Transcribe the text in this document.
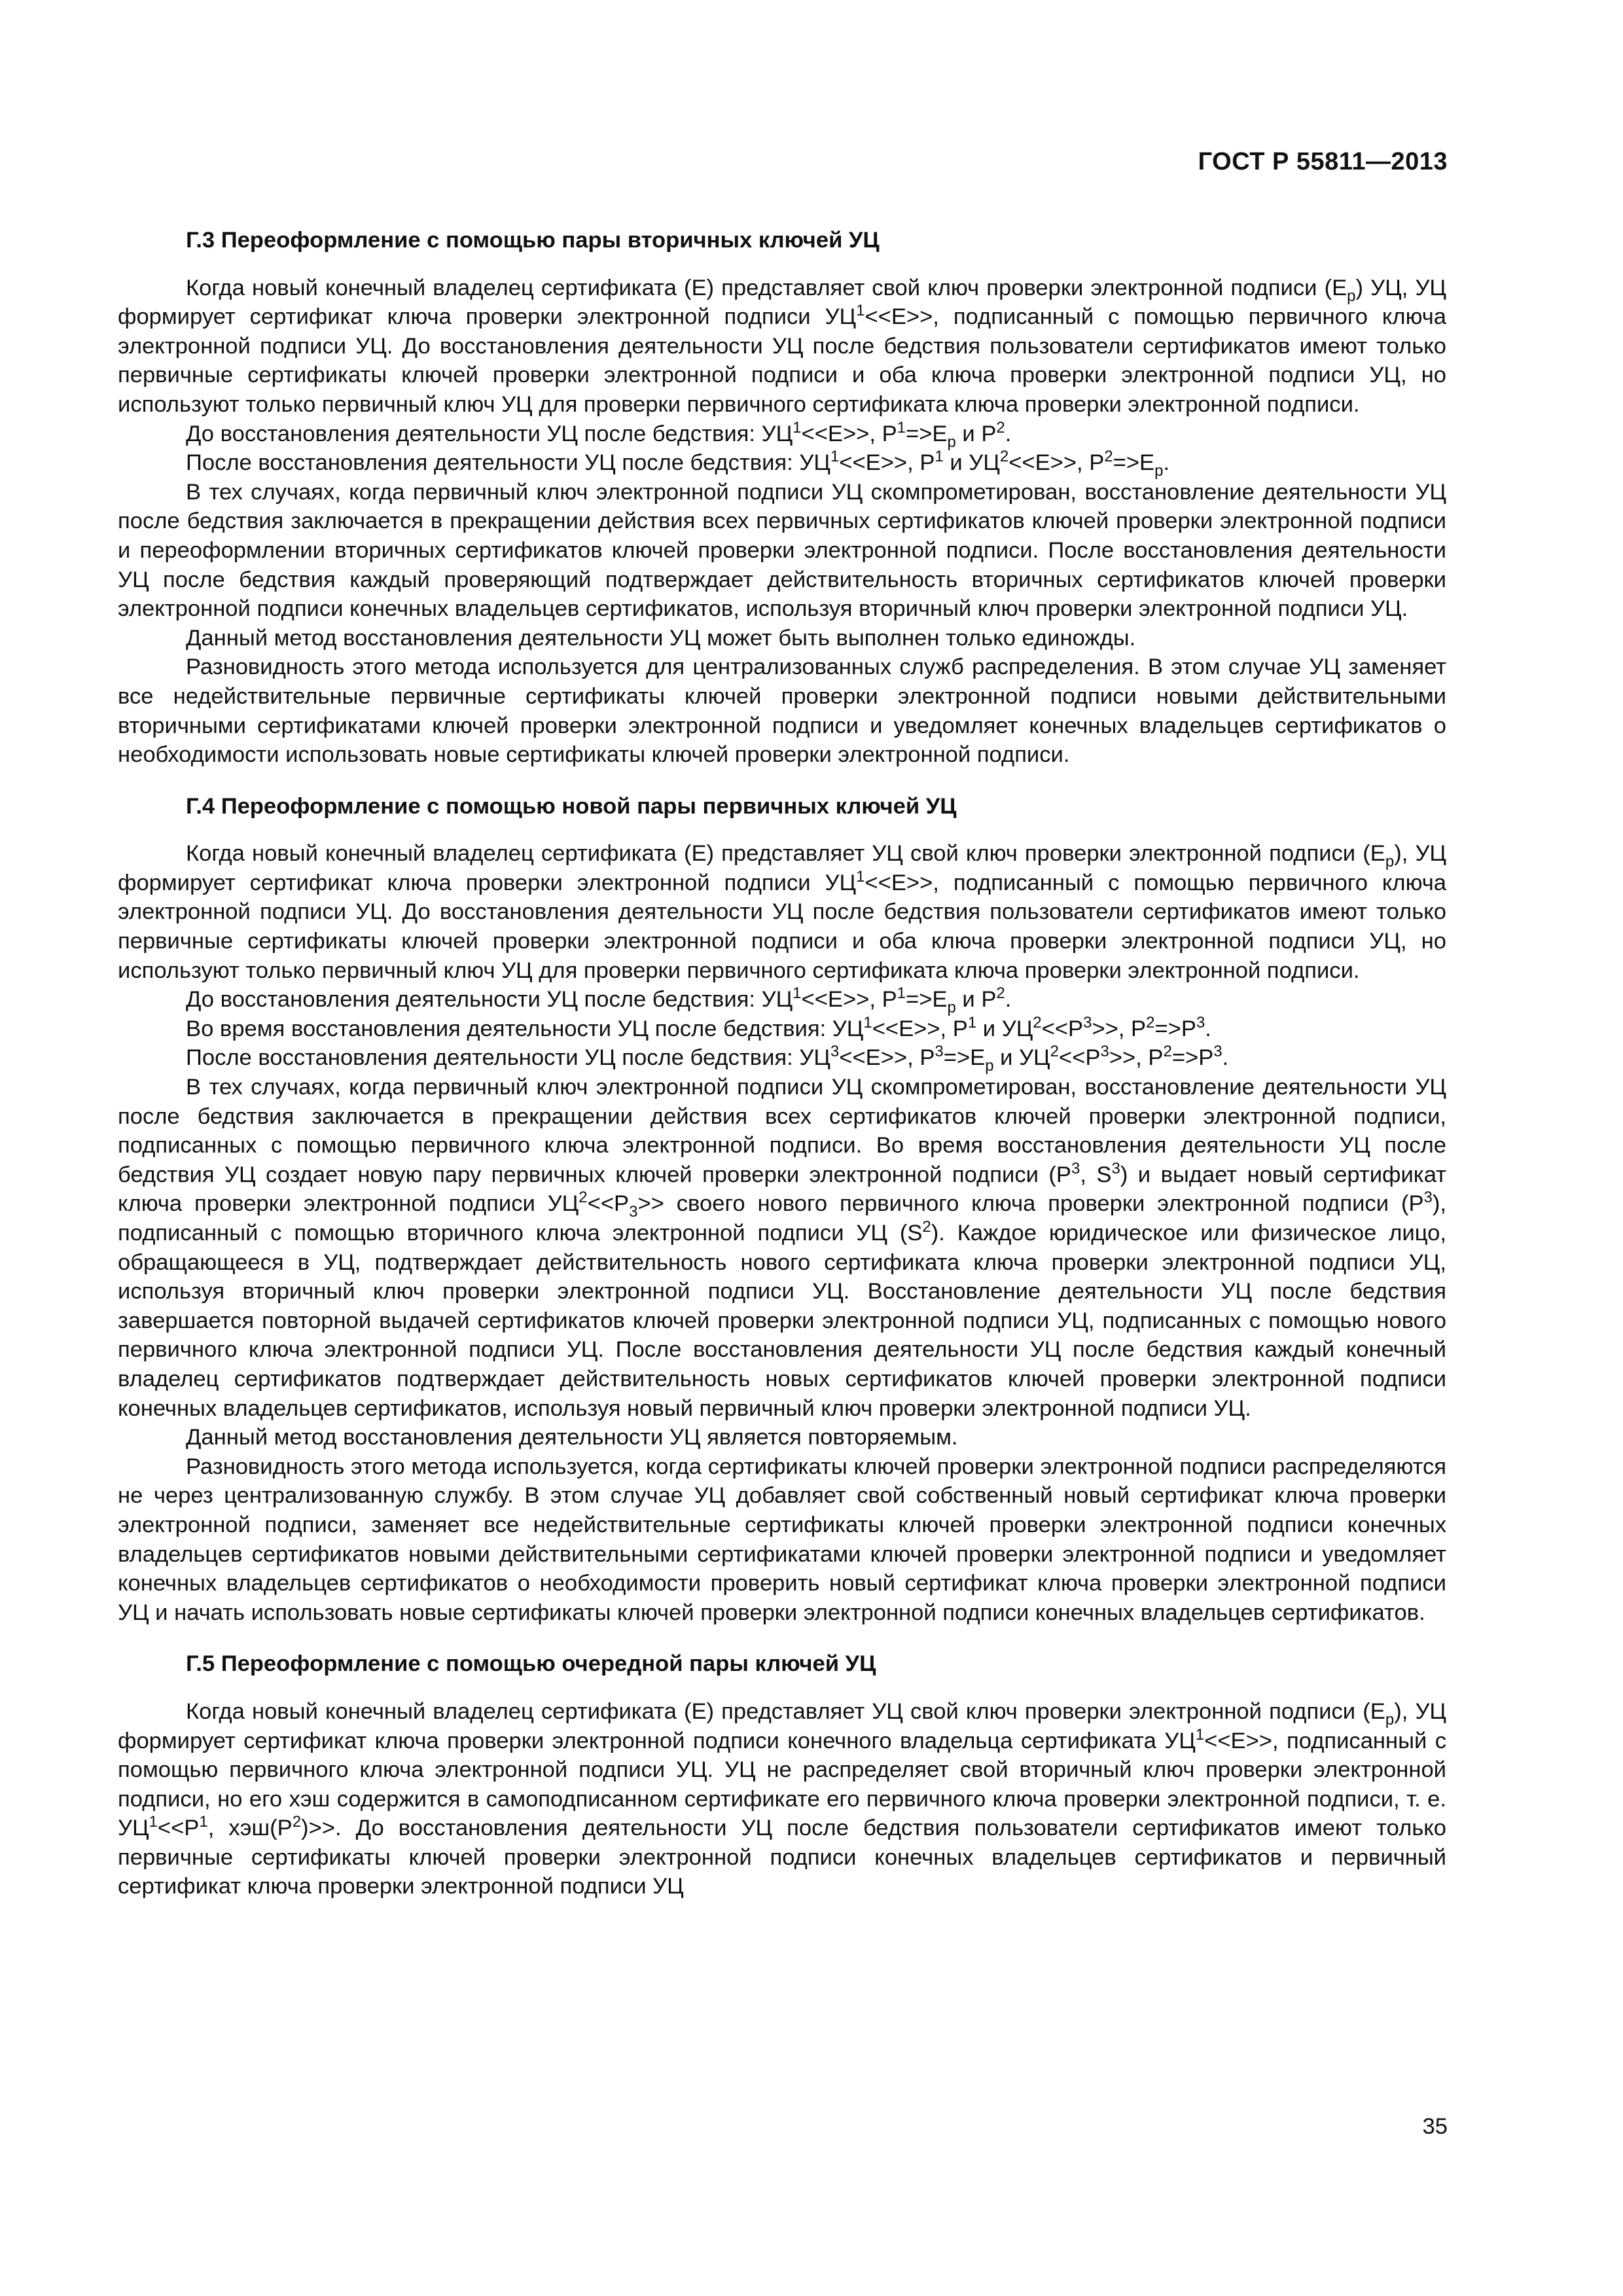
ГОСТ Р 55811—2013
Г.3 Переоформление с помощью пары вторичных ключей УЦ

Когда новый конечный владелец сертификата (E) представляет свой ключ проверки электронной подписи $(E_p)$ УЦ, УЦ формирует сертификат ключа проверки электронной подписи $УЦ^1<<E>>$, подписанный с помощью первичного ключа электронной подписи УЦ. До восстановления деятельности УЦ после бедствия пользователи сертификатов имеют только первичные сертификаты ключей проверки электронной подписи и оба ключа проверки электронной подписи УЦ, но используют только первичный ключ УЦ для проверки первичного сертификата ключа проверки электронной подписи.

До восстановления деятельности УЦ после бедствия: $УЦ^1<<E>>$, $P^1=>E_p$ и $P^2$.

После восстановления деятельности УЦ после бедствия: $УЦ^1<<E>>$, $P^1$ и $УЦ^2<<E>>$, $P^2=>E_p$.

В тех случаях, когда первичный ключ электронной подписи УЦ скомпрометирован, восстановление деятельности УЦ после бедствия заключается в прекращении действия всех первичных сертификатов ключей проверки электронной подписи и переоформлении вторичных сертификатов ключей проверки электронной подписи. После восстановления деятельности УЦ после бедствия каждый проверяющий подтверждает действительность вторичных сертификатов ключей проверки электронной подписи конечных владельцев сертификатов, используя вторичный ключ проверки электронной подписи УЦ.

Данный метод восстановления деятельности УЦ может быть выполнен только единожды.

Разновидность этого метода используется для централизованных служб распределения. В этом случае УЦ заменяет все недействительные первичные сертификаты ключей проверки электронной подписи новыми действительными вторичными сертификатами ключей проверки электронной подписи и уведомляет конечных владельцев сертификатов о необходимости использовать новые сертификаты ключей проверки электронной подписи.

Г.4 Переоформление с помощью новой пары первичных ключей УЦ

Когда новый конечный владелец сертификата (E) представляет УЦ свой ключ проверки электронной подписи $(E_p)$, УЦ формирует сертификат ключа проверки электронной подписи $УЦ^1<<E>>$, подписанный с помощью первичного ключа электронной подписи УЦ. До восстановления деятельности УЦ после бедствия пользователи сертификатов имеют только первичные сертификаты ключей проверки электронной подписи и оба ключа проверки электронной подписи УЦ, но используют только первичный ключ УЦ для проверки первичного сертификата ключа проверки электронной подписи.

До восстановления деятельности УЦ после бедствия: $УЦ^1<<E>>$, $P^1=>E_p$ и $P^2$.

Во время восстановления деятельности УЦ после бедствия: $УЦ^1<<E>>$, $P^1$ и $УЦ^2<<P^3>>$, $P^2=>P^3$.

После восстановления деятельности УЦ после бедствия: $УЦ^3<<E>>$, $P^3=>E_p$ и $УЦ^2<<P^3>>$, $P^2=>P^3$.

В тех случаях, когда первичный ключ электронной подписи УЦ скомпрометирован, восстановление деятельности УЦ после бедствия заключается в прекращении действия всех сертификатов ключей проверки электронной подписи, подписанных с помощью первичного ключа электронной подписи. Во время восстановления деятельности УЦ после бедствия УЦ создает новую пару первичных ключей проверки электронной подписи ($P^3$, $S^3$) и выдает новый сертификат ключа проверки электронной подписи $УЦ^2<<P_3>>$ своего нового первичного ключа проверки электронной подписи $(P^3)$, подписанный с помощью вторичного ключа электронной подписи УЦ $(S^2)$. Каждое юридическое или физическое лицо, обращающееся в УЦ, подтверждает действительность нового сертификата ключа проверки электронной подписи УЦ, используя вторичный ключ проверки электронной подписи УЦ. Восстановление деятельности УЦ после бедствия завершается повторной выдачей сертификатов ключей проверки электронной подписи УЦ, подписанных с помощью нового первичного ключа электронной подписи УЦ. После восстановления деятельности УЦ после бедствия каждый конечный владелец сертификатов подтверждает действительность новых сертификатов ключей проверки электронной подписи конечных владельцев сертификатов, используя новый первичный ключ проверки электронной подписи УЦ.

Данный метод восстановления деятельности УЦ является повторяемым.

Разновидность этого метода используется, когда сертификаты ключей проверки электронной подписи распределяются не через централизованную службу. В этом случае УЦ добавляет свой собственный новый сертификат ключа проверки электронной подписи, заменяет все недействительные сертификаты ключей проверки электронной подписи конечных владельцев сертификатов новыми действительными сертификатами ключей проверки электронной подписи и уведомляет конечных владельцев сертификатов о необходимости проверить новый сертификат ключа проверки электронной подписи УЦ и начать использовать новые сертификаты ключей проверки электронной подписи конечных владельцев сертификатов.

Г.5 Переоформление с помощью очередной пары ключей УЦ

Когда новый конечный владелец сертификата (E) представляет УЦ свой ключ проверки электронной подписи $(E_p)$, УЦ формирует сертификат ключа проверки электронной подписи конечного владельца сертификата $УЦ^1<<E>>$, подписанный с помощью первичного ключа электронной подписи УЦ. УЦ не распределяет свой вторичный ключ проверки электронной подписи, но его хэш содержится в самоподписанном сертификате его первичного ключа проверки электронной подписи, т. е. $УЦ^1<<P^1$, $хэш(P^2)>>$. До восстановления деятельности УЦ после бедствия пользователи сертификатов имеют только первичные сертификаты ключей проверки электронной подписи конечных владельцев сертификатов и первичный сертификат ключа проверки электронной подписи УЦ

35
